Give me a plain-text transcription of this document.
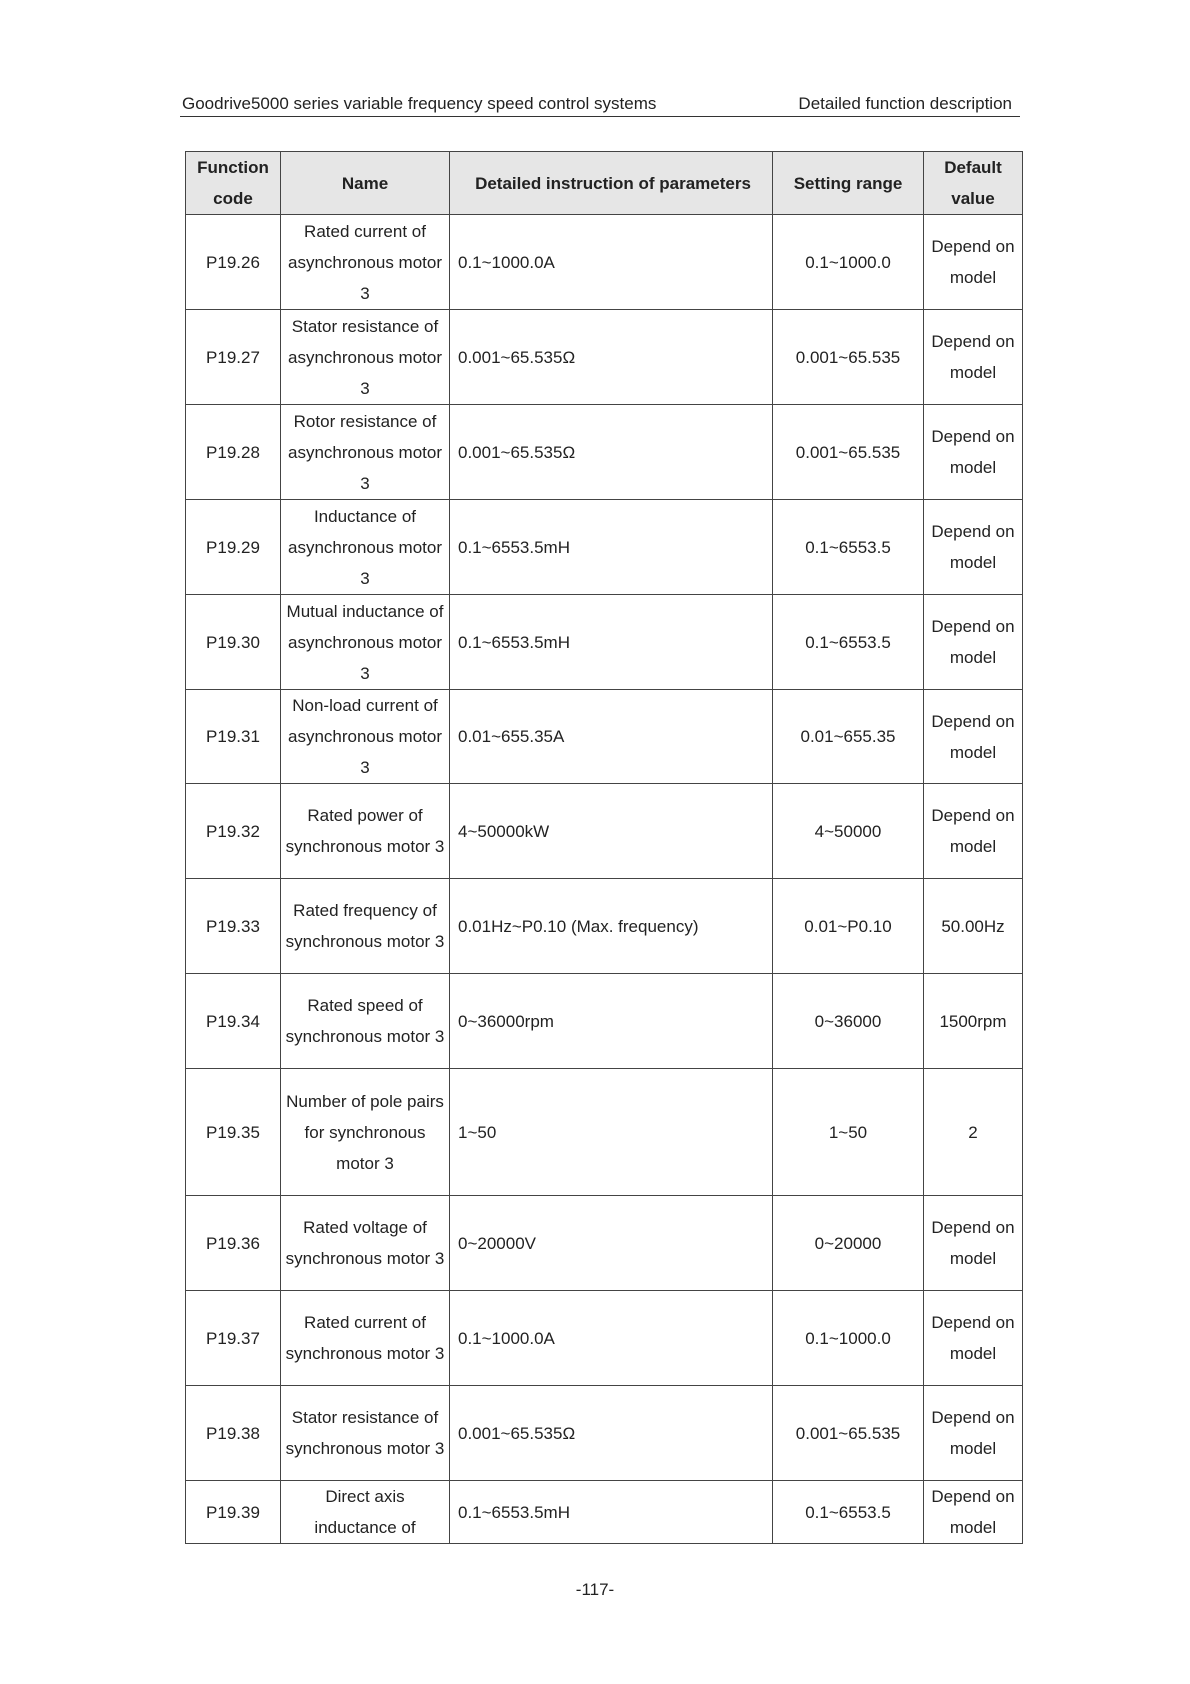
Goodrive5000 series variable frequency speed control systems	Detailed function description
Function code	Name	Detailed instruction of parameters	Setting range	Default value
P19.26	Rated current of asynchronous motor 3	0.1~1000.0A	0.1~1000.0	Depend on model
P19.27	Stator resistance of asynchronous motor 3	0.001~65.535Ω	0.001~65.535	Depend on model
P19.28	Rotor resistance of asynchronous motor 3	0.001~65.535Ω	0.001~65.535	Depend on model
P19.29	Inductance of asynchronous motor 3	0.1~6553.5mH	0.1~6553.5	Depend on model
P19.30	Mutual inductance of asynchronous motor 3	0.1~6553.5mH	0.1~6553.5	Depend on model
P19.31	Non-load current of asynchronous motor 3	0.01~655.35A	0.01~655.35	Depend on model
P19.32	Rated power of synchronous motor 3	4~50000kW	4~50000	Depend on model
P19.33	Rated frequency of synchronous motor 3	0.01Hz~P0.10 (Max. frequency)	0.01~P0.10	50.00Hz
P19.34	Rated speed of synchronous motor 3	0~36000rpm	0~36000	1500rpm
P19.35	Number of pole pairs for synchronous motor 3	1~50	1~50	2
P19.36	Rated voltage of synchronous motor 3	0~20000V	0~20000	Depend on model
P19.37	Rated current of synchronous motor 3	0.1~1000.0A	0.1~1000.0	Depend on model
P19.38	Stator resistance of synchronous motor 3	0.001~65.535Ω	0.001~65.535	Depend on model
P19.39	Direct axis inductance of	0.1~6553.5mH	0.1~6553.5	Depend on model
-117-
